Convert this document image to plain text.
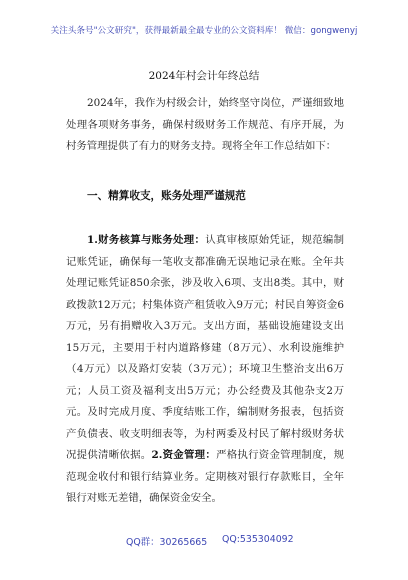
关注头条号"公文研究"，获得最新最全最专业的公文资料库！ 微信：gongwenyj
2024年村会计年终总结
2024年，我作为村级会计，始终坚守岗位，严谨细致地处理各项财务事务，确保村级财务工作规范、有序开展，为村务管理提供了有力的财务支持。现将全年工作总结如下：
一、精算收支，账务处理严谨规范
1.财务核算与账务处理：认真审核原始凭证，规范编制记账凭证，确保每一笔收支都准确无误地记录在账。全年共处理记账凭证850余张，涉及收入6项、支出8类。其中，财政拨款12万元；村集体资产租赁收入9万元；村民自筹资金6万元，另有捐赠收入3万元。支出方面，基础设施建设支出15万元，主要用于村内道路修建（8万元）、水利设施维护（4万元）以及路灯安装（3万元）；环境卫生整治支出6万元；人员工资及福利支出5万元；办公经费及其他杂支2万元。及时完成月度、季度结账工作，编制财务报表，包括资产负债表、收支明细表等，为村两委及村民了解村级财务状况提供清晰依据。2.资金管理：严格执行资金管理制度，规范现金收付和银行结算业务。定期核对银行存款账目，全年银行对账无差错，确保资金安全。
QQ群：30265665 QQ:535304092
